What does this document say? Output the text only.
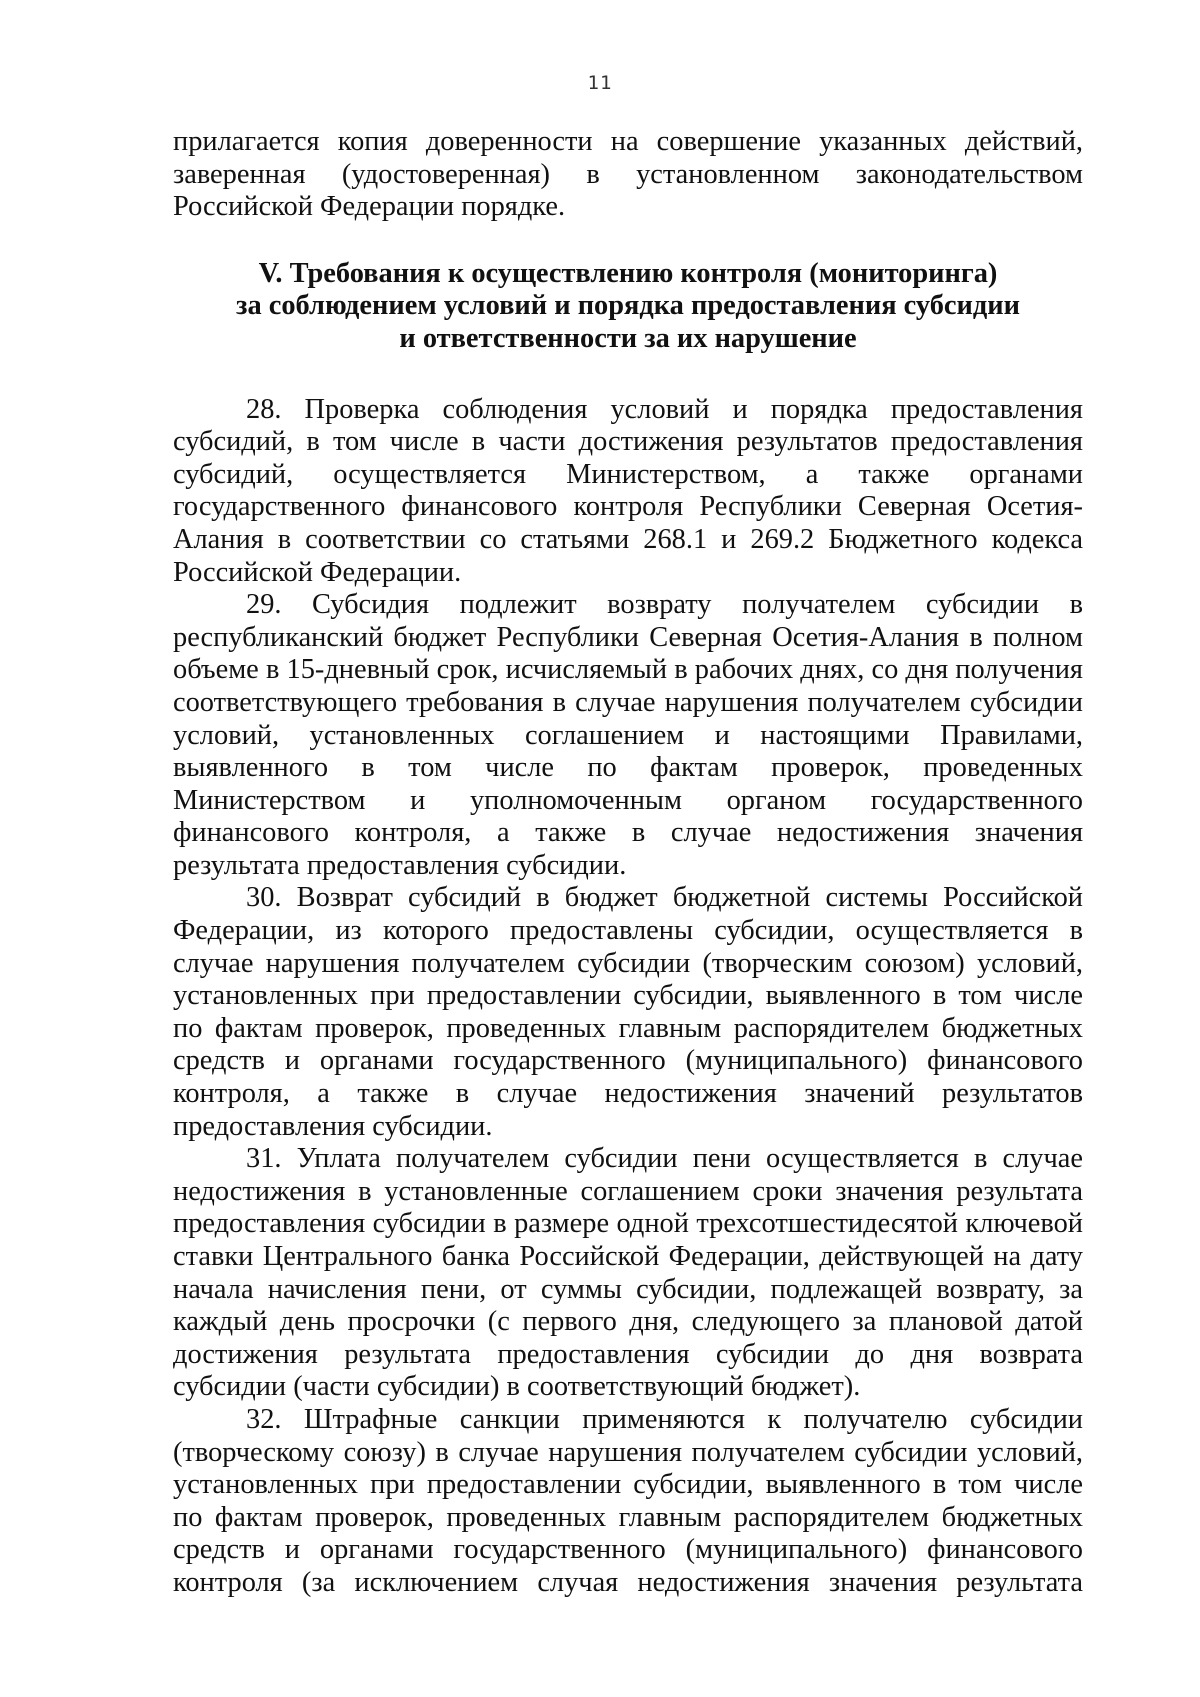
11

прилагается копия доверенности на совершение указанных действий, заверенная (удостоверенная) в установленном законодательством Российской Федерации порядке.

V. Требования к осуществлению контроля (мониторинга)
за соблюдением условий и порядка предоставления субсидии
и ответственности за их нарушение

28. Проверка соблюдения условий и порядка предоставления субсидий, в том числе в части достижения результатов предоставления субсидий, осуществляется Министерством, а также органами государственного финансового контроля Республики Северная Осетия-Алания в соответствии со статьями 268.1 и 269.2 Бюджетного кодекса Российской Федерации.

29. Субсидия подлежит возврату получателем субсидии в республиканский бюджет Республики Северная Осетия-Алания в полном объеме в 15-дневный срок, исчисляемый в рабочих днях, со дня получения соответствующего требования в случае нарушения получателем субсидии условий, установленных соглашением и настоящими Правилами, выявленного в том числе по фактам проверок, проведенных Министерством и уполномоченным органом государственного финансового контроля, а также в случае недостижения значения результата предоставления субсидии.

30. Возврат субсидий в бюджет бюджетной системы Российской Федерации, из которого предоставлены субсидии, осуществляется в случае нарушения получателем субсидии (творческим союзом) условий, установленных при предоставлении субсидии, выявленного в том числе по фактам проверок, проведенных главным распорядителем бюджетных средств и органами государственного (муниципального) финансового контроля, а также в случае недостижения значений результатов предоставления субсидии.

31. Уплата получателем субсидии пени осуществляется в случае недостижения в установленные соглашением сроки значения результата предоставления субсидии в размере одной трехсотшестидесятой ключевой ставки Центрального банка Российской Федерации, действующей на дату начала начисления пени, от суммы субсидии, подлежащей возврату, за каждый день просрочки (с первого дня, следующего за плановой датой достижения результата предоставления субсидии до дня возврата субсидии (части субсидии) в соответствующий бюджет).

32. Штрафные санкции применяются к получателю субсидии (творческому союзу) в случае нарушения получателем субсидии условий, установленных при предоставлении субсидии, выявленного в том числе по фактам проверок, проведенных главным распорядителем бюджетных средств и органами государственного (муниципального) финансового контроля (за исключением случая недостижения значения результата
